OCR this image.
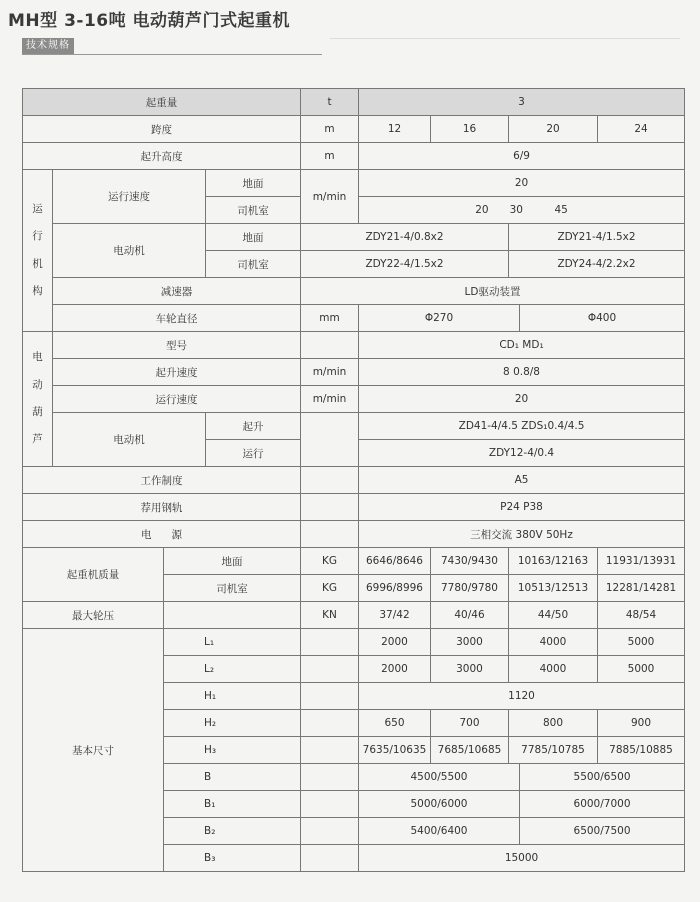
MH型 3-16吨 电动葫芦门式起重机
技术规格
起重量				t	3				
跨度				m	12	16	20		24
起升高度				m	6/9				
运
行
机
构	运行速度		地面	m/min	20				
			司机室		20   30    45				
	电动机		地面	ZDY21-4/0.8x2			ZDY21-4/1.5x2		
			司机室	ZDY22-4/1.5x2			ZDY24-4/2.2x2		
	减速器			LD驱动装置					
	车轮直径			mm	Φ270			Φ400	
电
动
葫
芦	型号				CD₁ MD₁				
	起升速度			m/min	8 0.8/8				
	运行速度			m/min	20				
	电动机		起升		ZD41-4/4.5 ZDS₁0.4/4.5				
			运行		ZDY12-4/0.4				
工作制度					A5				
荐用钢轨					P24 P38				
电      源					三相交流 380V 50Hz				
起重机质量		地面		KG	6646/8646	7430/9430	10163/12163		11931/13931
		司机室		KG	6996/8996	7780/9780	10513/12513		12281/14281
最大轮压				KN	37/42	40/46	44/50		48/54
基本尺寸		L₁			2000	3000	4000		5000
		L₂			2000	3000	4000		5000
		H₁			1120				
		H₂			650	700	800		900
		H₃			7635/10635	7685/10685	7785/10785		7885/10885
		B			4500/5500			5500/6500	
		B₁			5000/6000			6000/7000	
		B₂			5400/6400			6500/7500	
		B₃			15000				
